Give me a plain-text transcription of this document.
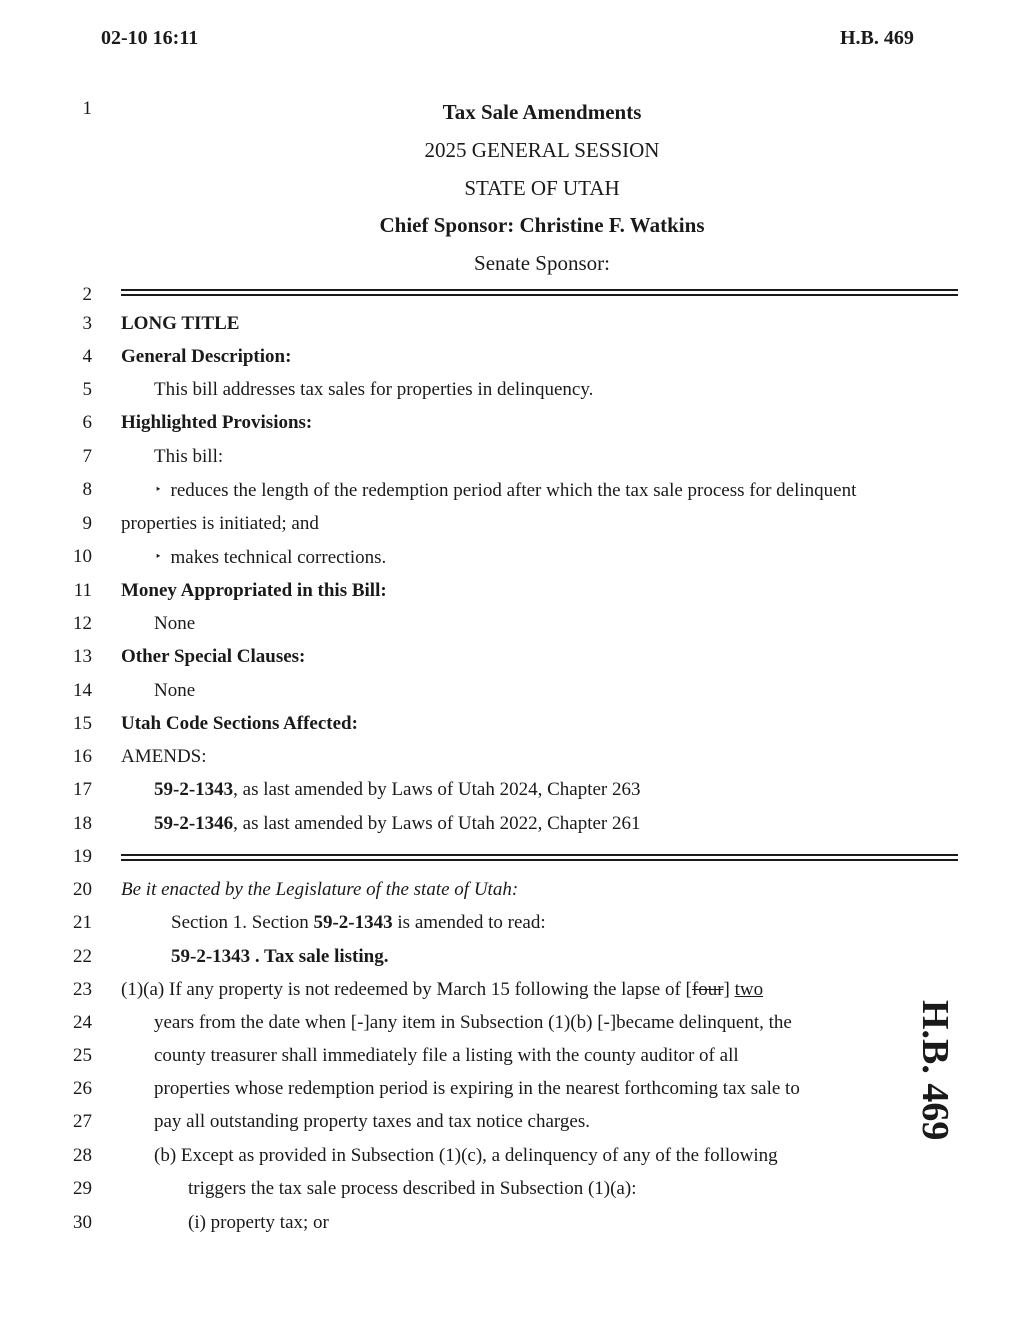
02-10 16:11	H.B. 469
1
2
3
4
5
6
7
8
9
10
11
12
13
14
15
16
17
18
19
20
21
22
23
24
25
26
27
28
29
30
Tax Sale Amendments
2025 GENERAL SESSION
STATE OF UTAH
Chief Sponsor: Christine F. Watkins
Senate Sponsor:
LONG TITLE
General Description:
This bill addresses tax sales for properties in delinquency.
Highlighted Provisions:
This bill:
‣ reduces the length of the redemption period after which the tax sale process for delinquent
properties is initiated; and
‣ makes technical corrections.
Money Appropriated in this Bill:
None
Other Special Clauses:
None
Utah Code Sections Affected:
AMENDS:
59-2-1343, as last amended by Laws of Utah 2024, Chapter 263
59-2-1346, as last amended by Laws of Utah 2022, Chapter 261
Be it enacted by the Legislature of the state of Utah:
Section 1. Section 59-2-1343 is amended to read:
59-2-1343 . Tax sale listing.
(1)(a) If any property is not redeemed by March 15 following the lapse of [four] two
years from the date when [-]any item in Subsection (1)(b) [-]became delinquent, the
county treasurer shall immediately file a listing with the county auditor of all
properties whose redemption period is expiring in the nearest forthcoming tax sale to
pay all outstanding property taxes and tax notice charges.
(b) Except as provided in Subsection (1)(c), a delinquency of any of the following
triggers the tax sale process described in Subsection (1)(a):
(i) property tax; or
H.B. 469
